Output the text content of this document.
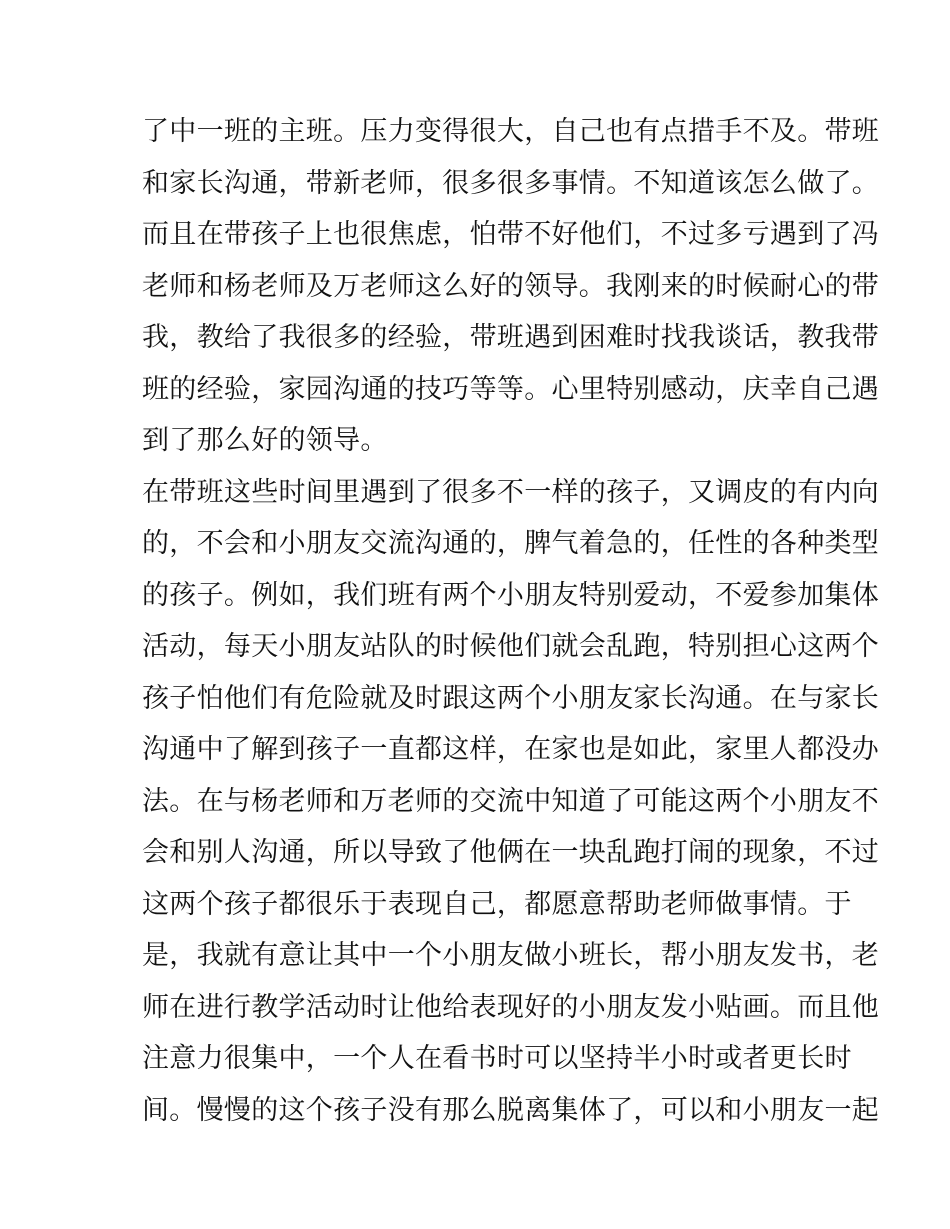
了中一班的主班。压力变得很大，自己也有点措手不及。带班
和家长沟通，带新老师，很多很多事情。不知道该怎么做了。
而且在带孩子上也很焦虑，怕带不好他们，不过多亏遇到了冯
老师和杨老师及万老师这么好的领导。我刚来的时候耐心的带
我，教给了我很多的经验，带班遇到困难时找我谈话，教我带
班的经验，家园沟通的技巧等等。心里特别感动，庆幸自己遇
到了那么好的领导。
在带班这些时间里遇到了很多不一样的孩子，又调皮的有内向
的，不会和小朋友交流沟通的，脾气着急的，任性的各种类型
的孩子。例如，我们班有两个小朋友特别爱动，不爱参加集体
活动，每天小朋友站队的时候他们就会乱跑，特别担心这两个
孩子怕他们有危险就及时跟这两个小朋友家长沟通。在与家长
沟通中了解到孩子一直都这样，在家也是如此，家里人都没办
法。在与杨老师和万老师的交流中知道了可能这两个小朋友不
会和别人沟通，所以导致了他俩在一块乱跑打闹的现象，不过
这两个孩子都很乐于表现自己，都愿意帮助老师做事情。于
是，我就有意让其中一个小朋友做小班长，帮小朋友发书，老
师在进行教学活动时让他给表现好的小朋友发小贴画。而且他
注意力很集中，一个人在看书时可以坚持半小时或者更长时
间。慢慢的这个孩子没有那么脱离集体了，可以和小朋友一起
